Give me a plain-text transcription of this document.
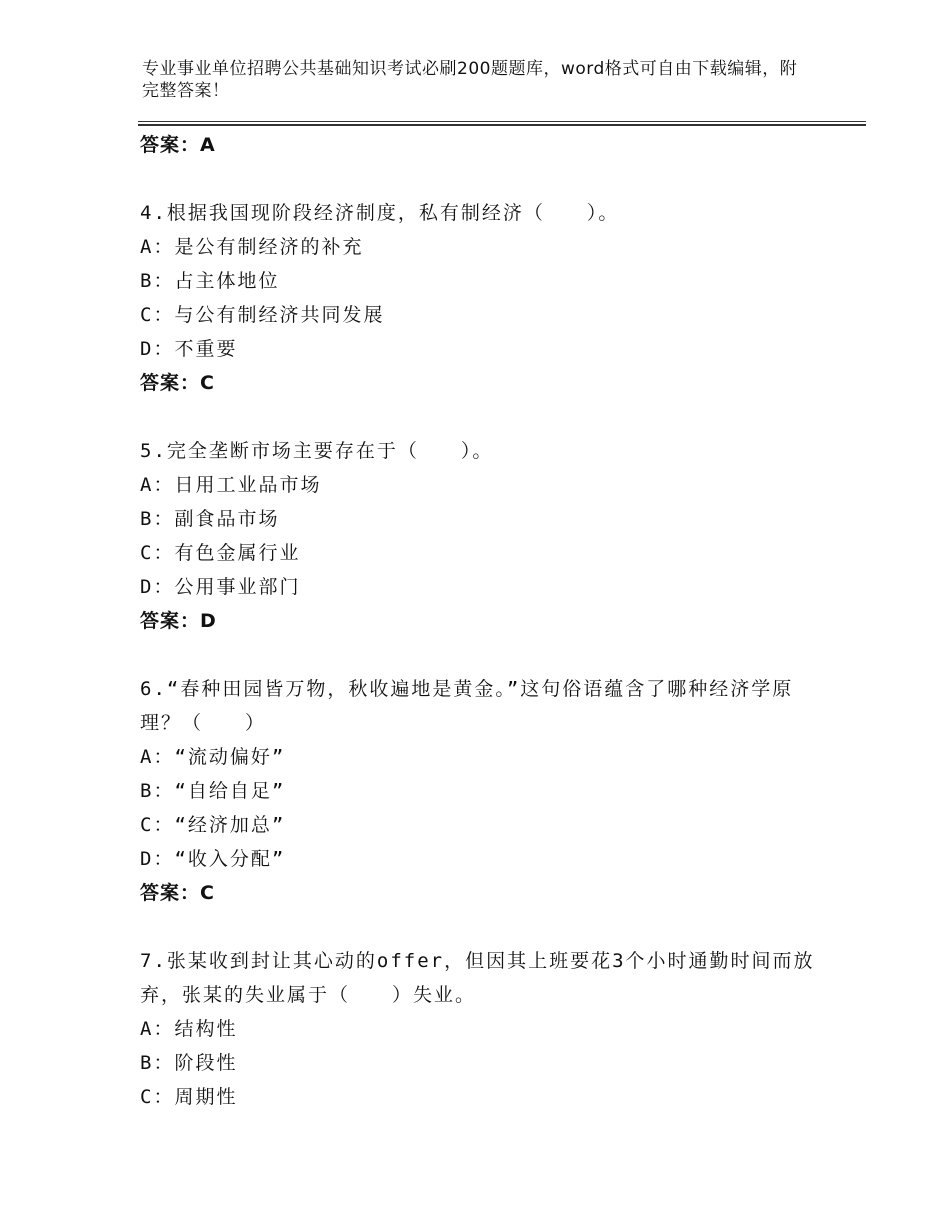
专业事业单位招聘公共基础知识考试必刷200题题库，word格式可自由下载编辑，附完整答案！
答案：A
4.根据我国现阶段经济制度，私有制经济（　　）。
A：是公有制经济的补充
B：占主体地位
C：与公有制经济共同发展
D：不重要
答案：C
5.完全垄断市场主要存在于（　　）。
A：日用工业品市场
B：副食品市场
C：有色金属行业
D：公用事业部门
答案：D
6.“春种田园皆万物，秋收遍地是黄金。”这句俗语蕴含了哪种经济学原理？（　　）
A：“流动偏好”
B：“自给自足”
C：“经济加总”
D：“收入分配”
答案：C
7.张某收到封让其心动的offer，但因其上班要花3个小时通勤时间而放弃，张某的失业属于（　　）失业。
A：结构性
B：阶段性
C：周期性
